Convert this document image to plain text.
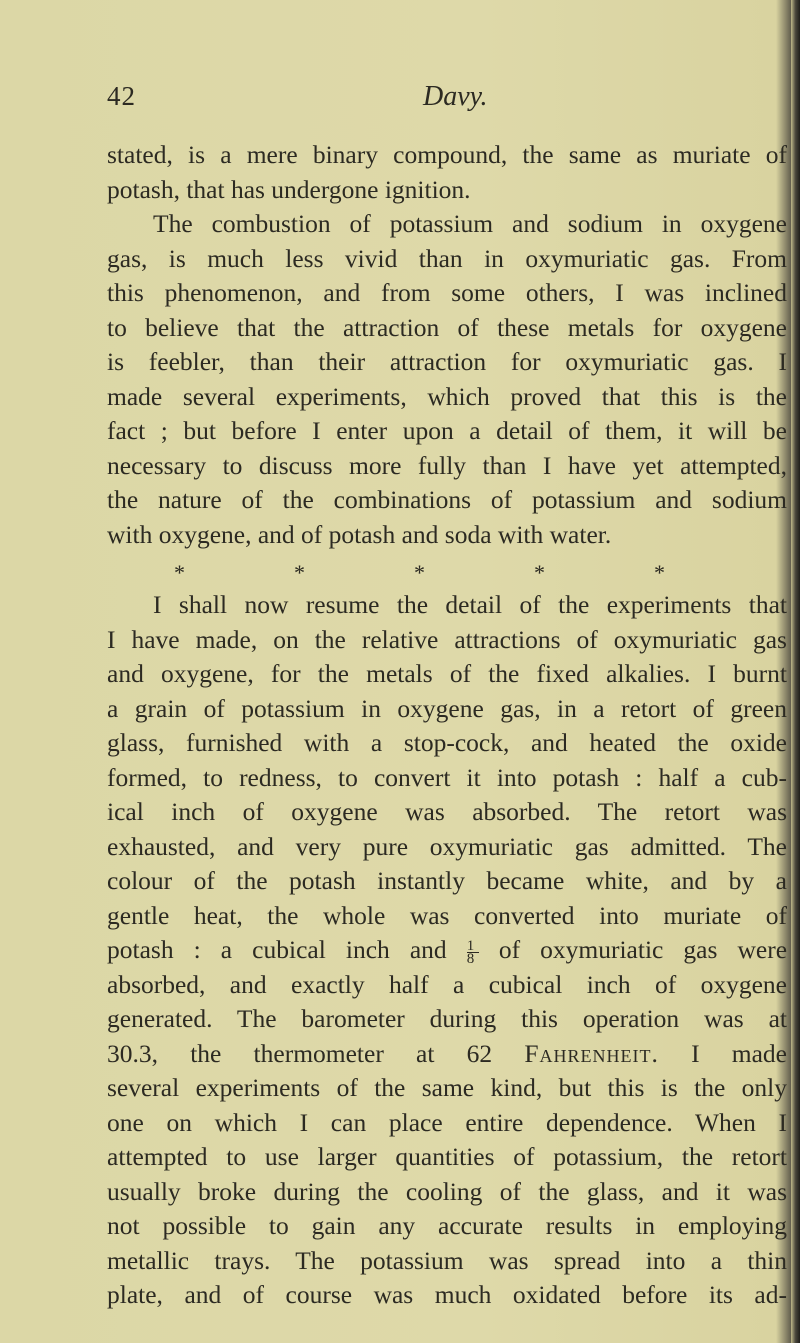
42	Davy.
stated, is a mere binary compound, the same as muriate of
potash, that has undergone ignition.
The combustion of potassium and sodium in oxygene
gas, is much less vivid than in oxymuriatic gas. From
this phenomenon, and from some others, I was inclined
to believe that the attraction of these metals for oxygene
is feebler, than their attraction for oxymuriatic gas. I
made several experiments, which proved that this is the
fact ; but before I enter upon a detail of them, it will be
necessary to discuss more fully than I have yet attempted,
the nature of the combinations of potassium and sodium
with oxygene, and of potash and soda with water.
*	*	*	*	*
I shall now resume the detail of the experiments that
I have made, on the relative attractions of oxymuriatic gas
and oxygene, for the metals of the fixed alkalies. I burnt
a grain of potassium in oxygene gas, in a retort of green
glass, furnished with a stop-cock, and heated the oxide
formed, to redness, to convert it into potash : half a cub-
ical inch of oxygene was absorbed. The retort was
exhausted, and very pure oxymuriatic gas admitted. The
colour of the potash instantly became white, and by a
gentle heat, the whole was converted into muriate of
potash : a cubical inch and $\frac{1}{8}$ of oxymuriatic gas were
absorbed, and exactly half a cubical inch of oxygene
generated. The barometer during this operation was at
30.3, the thermometer at 62 Fahrenheit. I made
several experiments of the same kind, but this is the only
one on which I can place entire dependence. When I
attempted to use larger quantities of potassium, the retort
usually broke during the cooling of the glass, and it was
not possible to gain any accurate results in employing
metallic trays. The potassium was spread into a thin
plate, and of course was much oxidated before its ad-
